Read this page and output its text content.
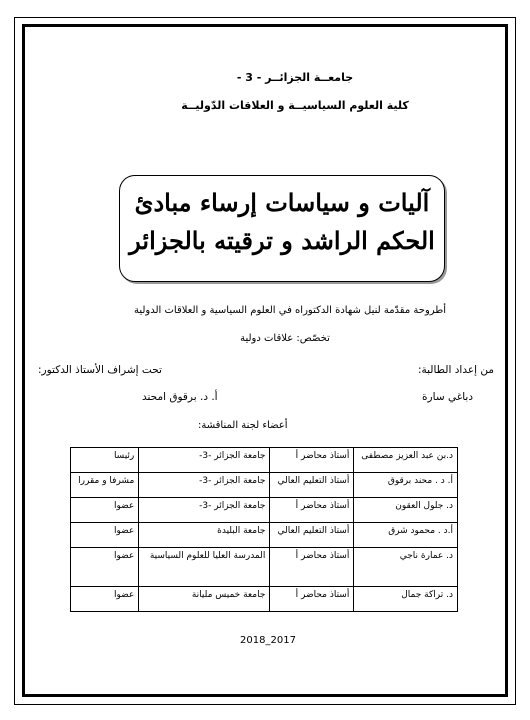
جامعــة الجزائــر - 3 -
كلية العلوم السياسيــة و العلاقات الدّوليــة
آليات و سياسات إرساء مبادئ
الحكم الراشد و ترقيته بالجزائر
أطروحة مقدّمة لنيل شهادة الدكتوراه في العلوم السياسية و العلاقات الدولية
تخصّص: علاقات دولية
من إعداد الطالبة:
تحت إشراف الأستاذ الدكتور:
دباغي سارة
أ. د. برقوق امحند
أعضاء لجنة المناقشة:
د.بن عبد العزيز مصطفى	أستاذ محاضر أ	جامعة الجزائر -3-	رئيسا
أ. د . محند برقوق	أستاذ التعليم العالي	جامعة الجزائر -3-	مشرفا و مقررا
د. جلول العقون	أستاذ محاضر أ	جامعة الجزائر -3-	عضوا
أ.د . محمود شرق	أستاذ التعليم العالي	جامعة البليدة	عضوا
د. عمارة ناجي	أستاذ محاضر أ	المدرسة العليا للعلوم السياسية	عضوا
د. تراكة جمال	أستاذ محاضر أ	جامعة خميس مليانة	عضوا
2018_2017
